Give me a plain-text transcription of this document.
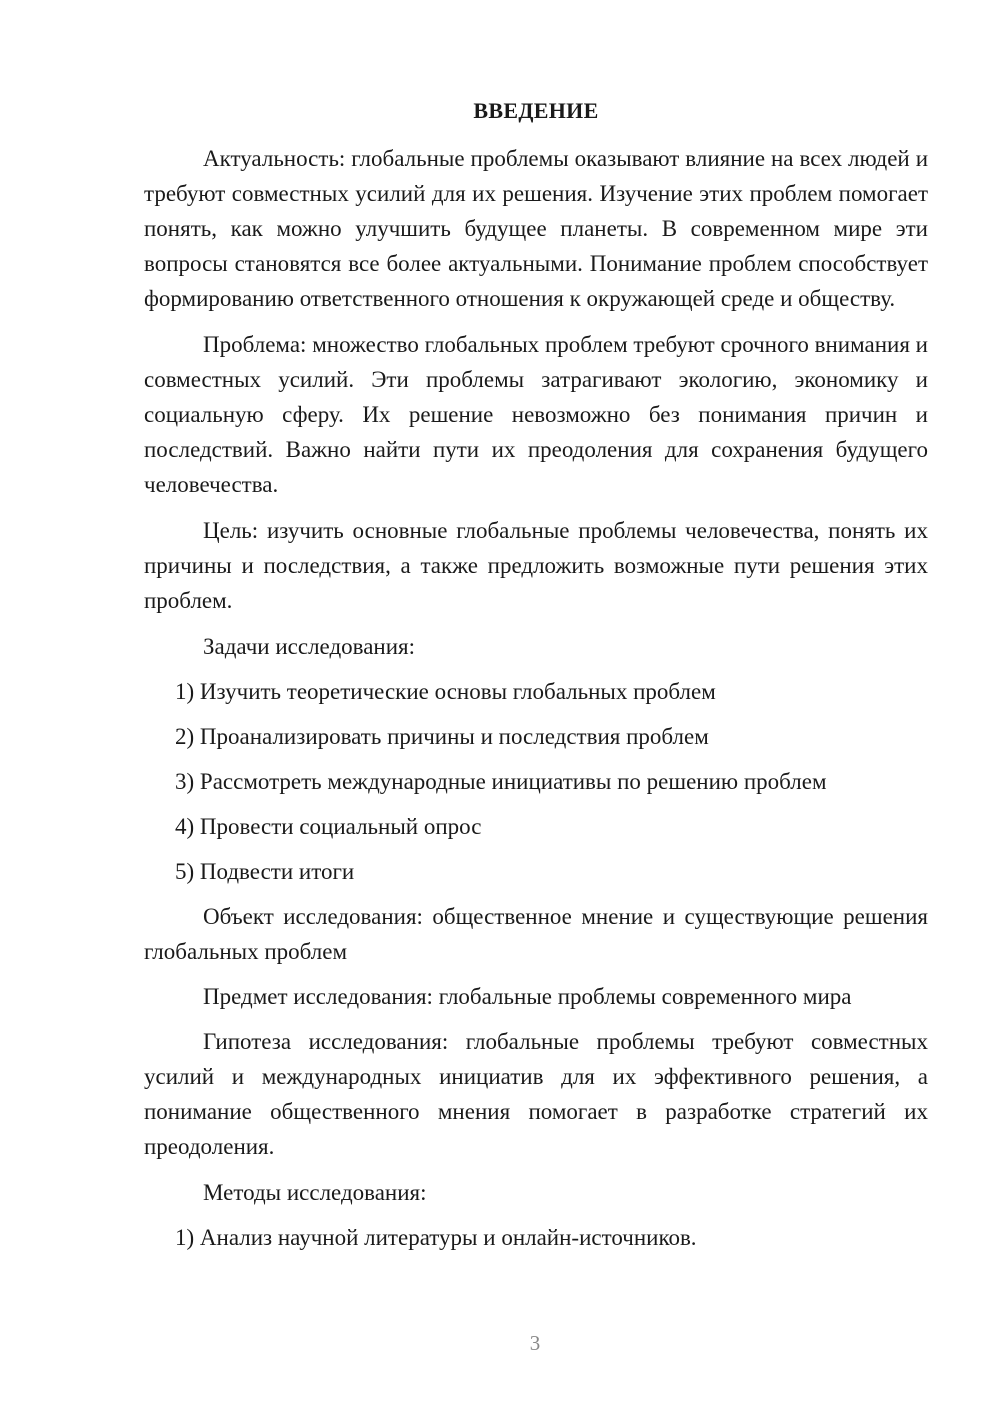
ВВЕДЕНИЕ

Актуальность: глобальные проблемы оказывают влияние на всех людей и требуют совместных усилий для их решения. Изучение этих проблем помогает понять, как можно улучшить будущее планеты. В современном мире эти вопросы становятся все более актуальными. Понимание проблем способствует формированию ответственного отношения к окружающей среде и обществу.

Проблема: множество глобальных проблем требуют срочного внимания и совместных усилий. Эти проблемы затрагивают экологию, экономику и социальную сферу. Их решение невозможно без понимания причин и последствий. Важно найти пути их преодоления для сохранения будущего человечества.

Цель: изучить основные глобальные проблемы человечества, понять их причины и последствия, а также предложить возможные пути решения этих проблем.

Задачи исследования:

1) Изучить теоретические основы глобальных проблем
2) Проанализировать причины и последствия проблем
3) Рассмотреть международные инициативы по решению проблем
4) Провести социальный опрос
5) Подвести итоги

Объект исследования: общественное мнение и существующие решения глобальных проблем

Предмет исследования: глобальные проблемы современного мира

Гипотеза исследования: глобальные проблемы требуют совместных усилий и международных инициатив для их эффективного решения, а понимание общественного мнения помогает в разработке стратегий их преодоления.

Методы исследования:

1) Анализ научной литературы и онлайн-источников.
3
